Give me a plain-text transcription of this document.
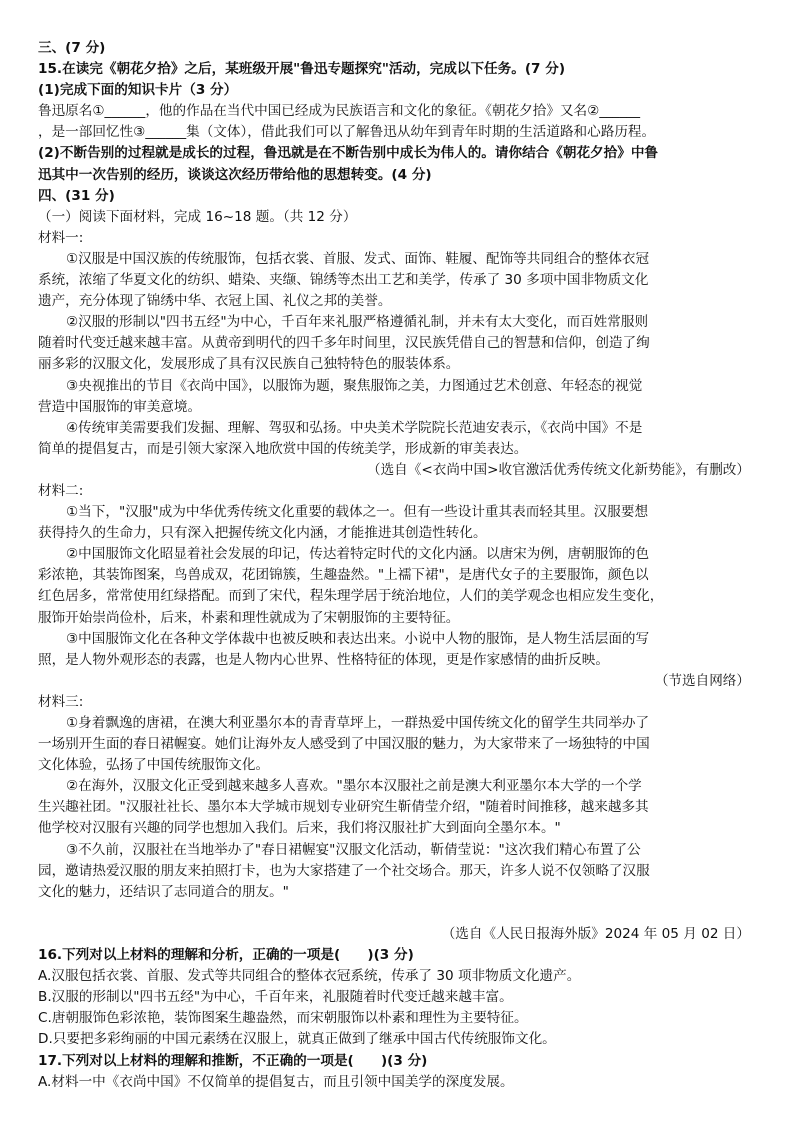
三、(7 分)
15.在读完《朝花夕拾》之后，某班级开展"鲁迅专题探究"活动，完成以下任务。(7 分)
(1)完成下面的知识卡片（3 分）
鲁迅原名①______，他的作品在当代中国已经成为民族语言和文化的象征。《朝花夕拾》又名②______
，是一部回忆性③______集（文体），借此我们可以了解鲁迅从幼年到青年时期的生活道路和心路历程。
(2)不断告别的过程就是成长的过程，鲁迅就是在不断告别中成长为伟人的。请你结合《朝花夕拾》中鲁
迅其中一次告别的经历，谈谈这次经历带给他的思想转变。(4 分)
四、(31 分)
（一）阅读下面材料，完成 16~18 题。（共 12 分）
材料一:
①汉服是中国汉族的传统服饰，包括衣裳、首服、发式、面饰、鞋履、配饰等共同组合的整体衣冠
系统，浓缩了华夏文化的纺织、蜡染、夹缬、锦绣等杰出工艺和美学，传承了 30 多项中国非物质文化
遗产，充分体现了锦绣中华、衣冠上国、礼仪之邦的美誉。
②汉服的形制以"四书五经"为中心，千百年来礼服严格遵循礼制，并未有太大变化，而百姓常服则
随着时代变迁越来越丰富。从黄帝到明代的四千多年时间里，汉民族凭借自己的智慧和信仰，创造了绚
丽多彩的汉服文化，发展形成了具有汉民族自己独特特色的服装体系。
③央视推出的节目《衣尚中国》，以服饰为题，聚焦服饰之美，力图通过艺术创意、年轻态的视觉
营造中国服饰的审美意境。
④传统审美需要我们发掘、理解、驾驭和弘扬。中央美术学院院长范迪安表示，《衣尚中国》不是
简单的提倡复古，而是引领大家深入地欣赏中国的传统美学，形成新的审美表达。
（选自《<衣尚中国>收官激活优秀传统文化新势能》，有删改）
材料二:
①当下，"汉服"成为中华优秀传统文化重要的载体之一。但有一些设计重其表而轻其里。汉服要想
获得持久的生命力，只有深入把握传统文化内涵，才能推进其创造性转化。
②中国服饰文化昭显着社会发展的印记，传达着特定时代的文化内涵。以唐宋为例，唐朝服饰的色
彩浓艳，其装饰图案，鸟兽成双，花团锦簇，生趣盎然。"上襦下裙"，是唐代女子的主要服饰，颜色以
红色居多，常常使用红绿搭配。而到了宋代，程朱理学居于统治地位，人们的美学观念也相应发生变化，
服饰开始崇尚俭朴，后来，朴素和理性就成为了宋朝服饰的主要特征。
③中国服饰文化在各种文学体裁中也被反映和表达出来。小说中人物的服饰，是人物生活层面的写
照，是人物外观形态的表露，也是人物内心世界、性格特征的体现，更是作家感情的曲折反映。
（节选自网络）
材料三:
①身着飘逸的唐裙，在澳大利亚墨尔本的青青草坪上，一群热爱中国传统文化的留学生共同举办了
一场别开生面的春日裙幄宴。她们让海外友人感受到了中国汉服的魅力，为大家带来了一场独特的中国
文化体验，弘扬了中国传统服饰文化。
②在海外，汉服文化正受到越来越多人喜欢。"墨尔本汉服社之前是澳大利亚墨尔本大学的一个学
生兴趣社团。"汉服社社长、墨尔本大学城市规划专业研究生靳倩莹介绍，"随着时间推移，越来越多其
他学校对汉服有兴趣的同学也想加入我们。后来，我们将汉服社扩大到面向全墨尔本。"
③不久前，汉服社在当地举办了"春日裙幄宴"汉服文化活动，靳倩莹说："这次我们精心布置了公
园，邀请热爱汉服的朋友来拍照打卡，也为大家搭建了一个社交场合。那天，许多人说不仅领略了汉服
文化的魅力，还结识了志同道合的朋友。"
（选自《人民日报海外版》2024 年 05 月 02 日）
16.下列对以上材料的理解和分析，正确的一项是(　　)(3 分)
A.汉服包括衣裳、首服、发式等共同组合的整体衣冠系统，传承了 30 项非物质文化遗产。
B.汉服的形制以"四书五经"为中心，千百年来，礼服随着时代变迁越来越丰富。
C.唐朝服饰色彩浓艳，装饰图案生趣盎然，而宋朝服饰以朴素和理性为主要特征。
D.只要把多彩绚丽的中国元素绣在汉服上，就真正做到了继承中国古代传统服饰文化。
17.下列对以上材料的理解和推断，不正确的一项是(　　)(3 分)
A.材料一中《衣尚中国》不仅简单的提倡复古，而且引领中国美学的深度发展。
